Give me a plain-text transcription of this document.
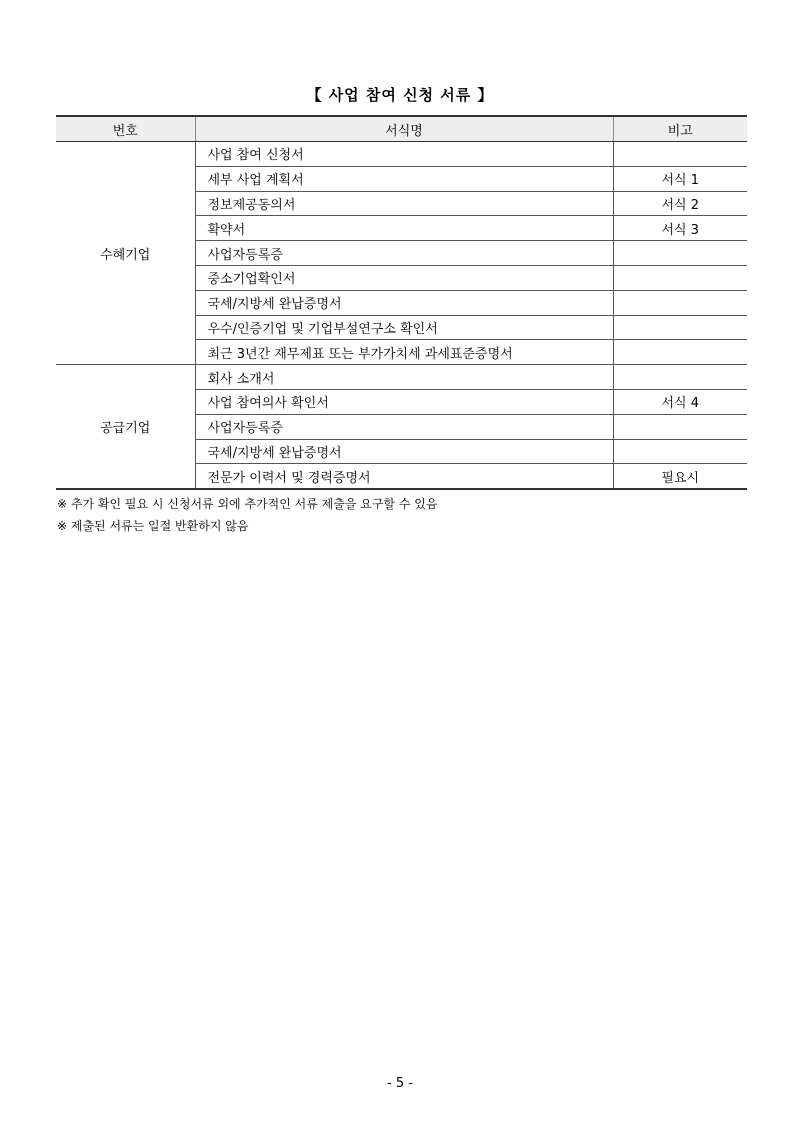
【 사업 참여 신청 서류 】
번호	서식명	비고
수혜기업	사업 참여 신청서	
	세부 사업 계획서	서식 1
	정보제공동의서	서식 2
	확약서	서식 3
	사업자등록증	
	중소기업확인서	
	국세/지방세 완납증명서	
	우수/인증기업 및 기업부설연구소 확인서	
	최근 3년간 재무제표 또는 부가가치세 과세표준증명서	
공급기업	회사 소개서	
	사업 참여의사 확인서	서식 4
	사업자등록증	
	국세/지방세 완납증명서	
	전문가 이력서 및 경력증명서	필요시
※ 추가 확인 필요 시 신청서류 외에 추가적인 서류 제출을 요구할 수 있음
※ 제출된 서류는 일절 반환하지 않음
- 5 -
